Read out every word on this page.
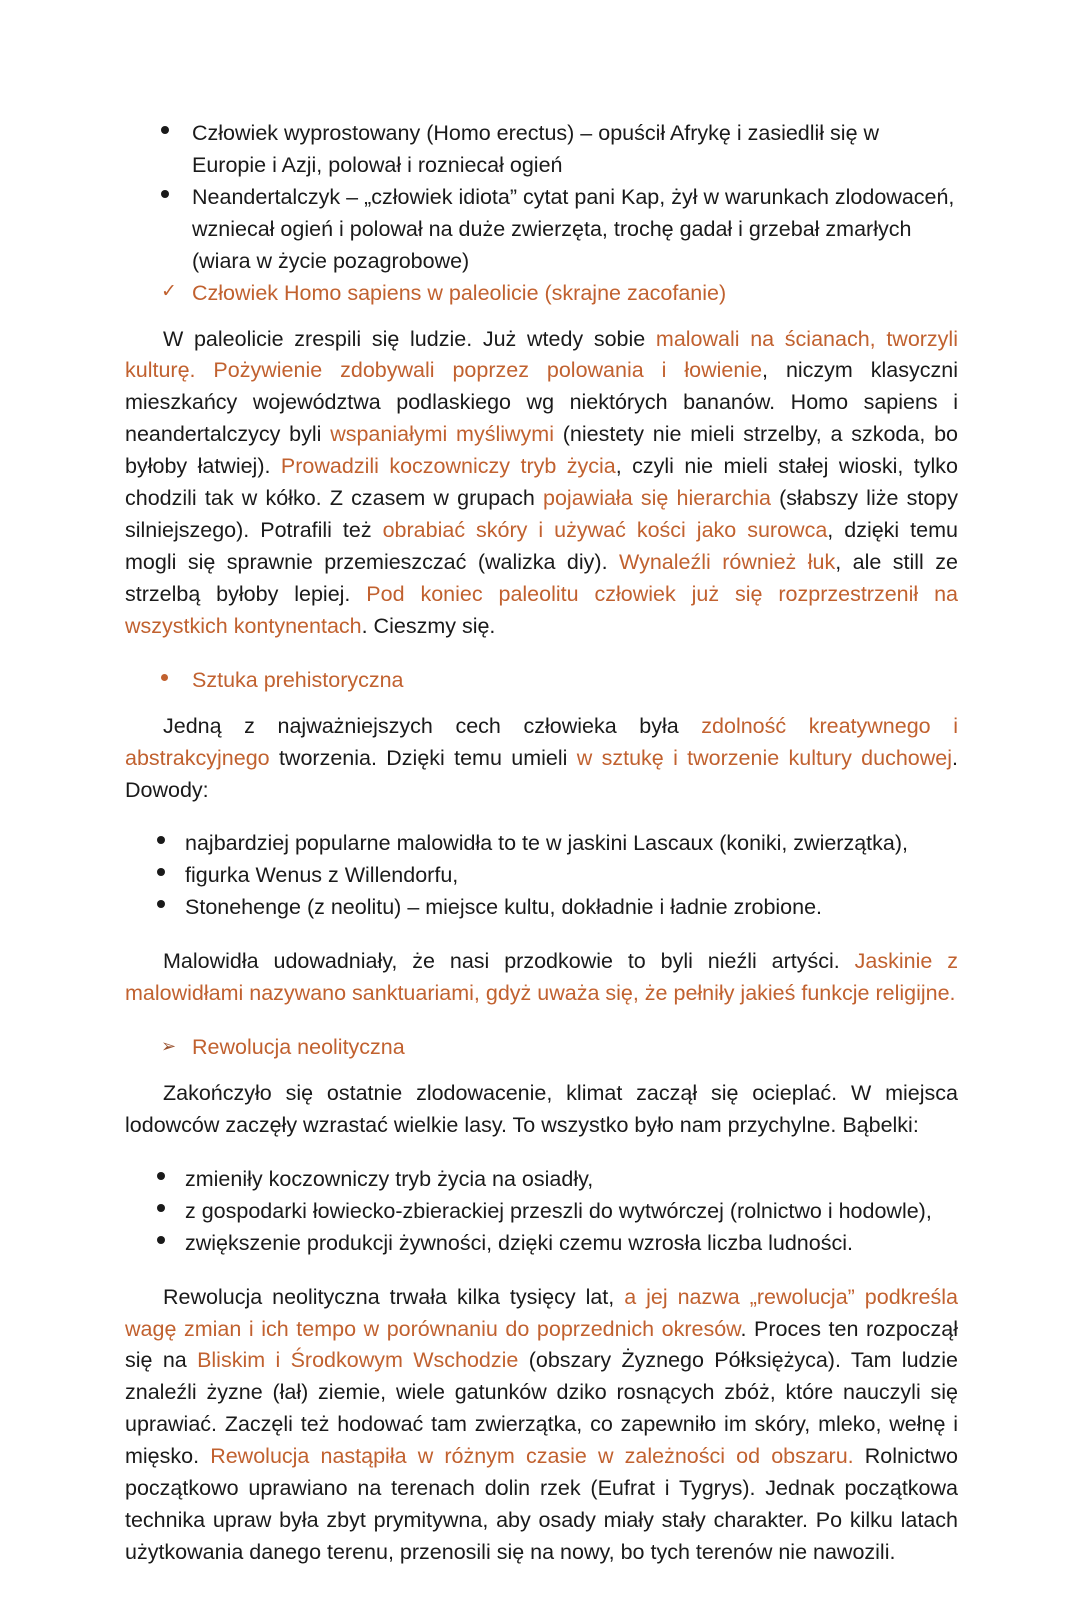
Człowiek wyprostowany (Homo erectus) – opuścił Afrykę i zasiedlił się w Europie i Azji, polował i rozniecał ogień
Neandertalczyk – „człowiek idiota” cytat pani Kap, żył w warunkach zlodowaceń, wzniecał ogień i polował na duże zwierzęta, trochę gadał i grzebał zmarłych (wiara w życie pozagrobowe)
✓ Człowiek Homo sapiens w paleolicie (skrajne zacofanie)

W paleolicie zrespili się ludzie. Już wtedy sobie malowali na ścianach, tworzyli kulturę. Pożywienie zdobywali poprzez polowania i łowienie, niczym klasyczni mieszkańcy województwa podlaskiego wg niektórych bananów. Homo sapiens i neandertalczycy byli wspaniałymi myśliwymi (niestety nie mieli strzelby, a szkoda, bo byłoby łatwiej). Prowadzili koczowniczy tryb życia, czyli nie mieli stałej wioski, tylko chodzili tak w kółko. Z czasem w grupach pojawiała się hierarchia (słabszy liże stopy silniejszego). Potrafili też obrabiać skóry i używać kości jako surowca, dzięki temu mogli się sprawnie przemieszczać (walizka diy). Wynaleźli również łuk, ale still ze strzelbą byłoby lepiej. Pod koniec paleolitu człowiek już się rozprzestrzenił na wszystkich kontynentach. Cieszmy się.

Sztuka prehistoryczna

Jedną z najważniejszych cech człowieka była zdolność kreatywnego i abstrakcyjnego tworzenia. Dzięki temu umieli w sztukę i tworzenie kultury duchowej. Dowody:

najbardziej popularne malowidła to te w jaskini Lascaux (koniki, zwierzątka),
figurka Wenus z Willendorfu,
Stonehenge (z neolitu) – miejsce kultu, dokładnie i ładnie zrobione.

Malowidła udowadniały, że nasi przodkowie to byli nieźli artyści. Jaskinie z malowidłami nazywano sanktuariami, gdyż uważa się, że pełniły jakieś funkcje religijne.

➢ Rewolucja neolityczna

Zakończyło się ostatnie zlodowacenie, klimat zaczął się ocieplać. W miejsca lodowców zaczęły wzrastać wielkie lasy. To wszystko było nam przychylne. Bąbelki:

zmieniły koczowniczy tryb życia na osiadły,
z gospodarki łowiecko-zbierackiej przeszli do wytwórczej (rolnictwo i hodowle),
zwiększenie produkcji żywności, dzięki czemu wzrosła liczba ludności.

Rewolucja neolityczna trwała kilka tysięcy lat, a jej nazwa „rewolucja” podkreśla wagę zmian i ich tempo w porównaniu do poprzednich okresów. Proces ten rozpoczął się na Bliskim i Środkowym Wschodzie (obszary Żyznego Półksiężyca). Tam ludzie znaleźli żyzne (łał) ziemie, wiele gatunków dziko rosnących zbóż, które nauczyli się uprawiać. Zaczęli też hodować tam zwierzątka, co zapewniło im skóry, mleko, wełnę i mięsko. Rewolucja nastąpiła w różnym czasie w zależności od obszaru. Rolnictwo początkowo uprawiano na terenach dolin rzek (Eufrat i Tygrys). Jednak początkowa technika upraw była zbyt prymitywna, aby osady miały stały charakter. Po kilku latach użytkowania danego terenu, przenosili się na nowy, bo tych terenów nie nawozili.
